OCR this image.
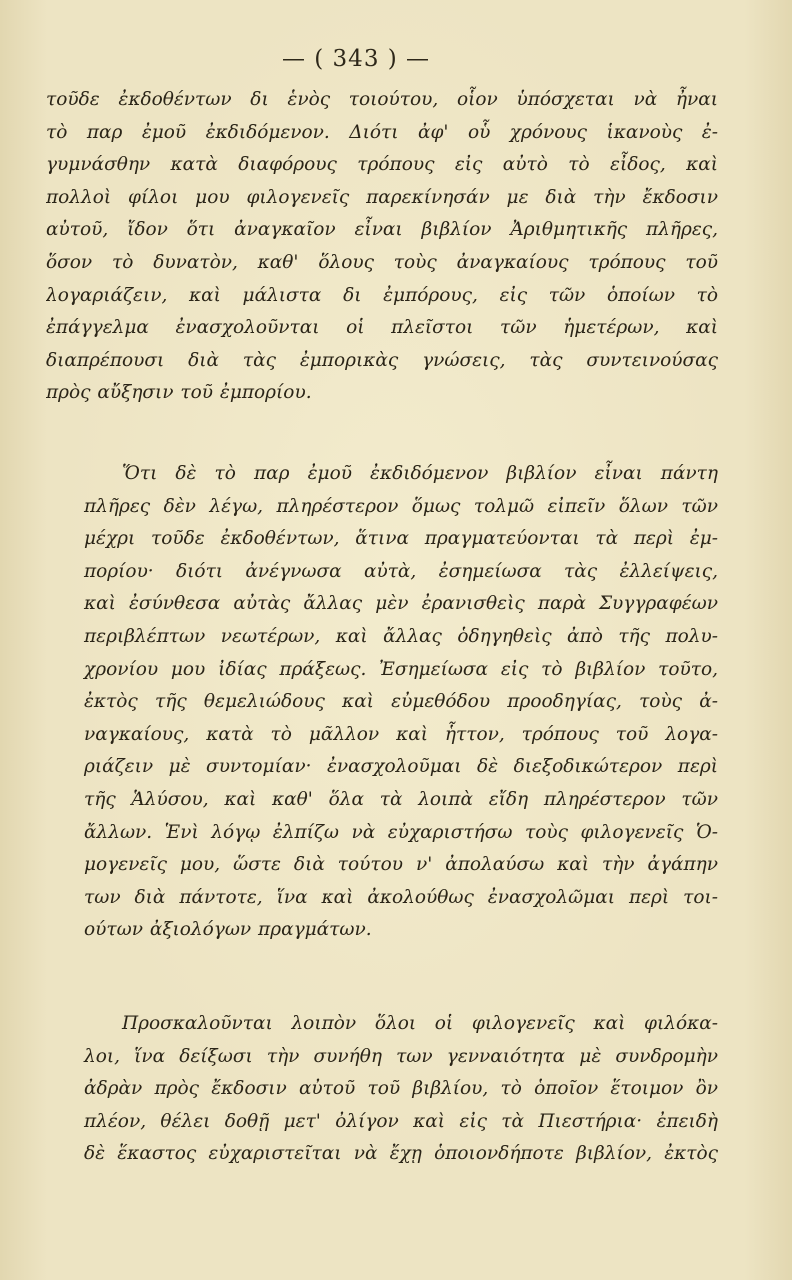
— ( 343 ) —
τοῦδε ἐκδοθέντων δι ἑνὸς τοιούτου, οἷον ὑπόσχεται νὰ ἦναι
τὸ παρ ἐμοῦ ἐκδιδόμενον. Διότι ἀφ' οὗ χρόνους ἱκανοὺς ἐ-
γυμνάσθην κατὰ διαφόρους τρόπους εἰς αὐτὸ τὸ εἶδος, καὶ
πολλοὶ φίλοι μου φιλογενεῖς παρεκίνησάν με διὰ τὴν ἔκδοσιν
αὐτοῦ, ἴδον ὅτι ἀναγκαῖον εἶναι βιβλίον Ἀριθμητικῆς πλῆρες,
ὅσον τὸ δυνατὸν, καθ' ὅλους τοὺς ἀναγκαίους τρόπους τοῦ
λογαριάζειν, καὶ μάλιστα δι ἐμπόρους, εἰς τῶν ὁποίων τὸ
ἐπάγγελμα ἐνασχολοῦνται οἱ πλεῖστοι τῶν ἡμετέρων, καὶ
διαπρέπουσι διὰ τὰς ἐμπορικὰς γνώσεις, τὰς συντεινούσας
πρὸς αὔξησιν τοῦ ἐμπορίου.
Ὅτι δὲ τὸ παρ ἐμοῦ ἐκδιδόμενον βιβλίον εἶναι πάντη
πλῆρες δὲν λέγω, πληρέστερον ὅμως τολμῶ εἰπεῖν ὅλων τῶν
μέχρι τοῦδε ἐκδοθέντων, ἅτινα πραγματεύονται τὰ περὶ ἐμ-
πορίου· διότι ἀνέγνωσα αὐτὰ, ἐσημείωσα τὰς ἐλλείψεις,
καὶ ἐσύνθεσα αὐτὰς ἄλλας μὲν ἐρανισθεὶς παρὰ Συγγραφέων
περιβλέπτων νεωτέρων, καὶ ἄλλας ὁδηγηθεὶς ἀπὸ τῆς πολυ-
χρονίου μου ἰδίας πράξεως. Ἐσημείωσα εἰς τὸ βιβλίον τοῦτο,
ἐκτὸς τῆς θεμελιώδους καὶ εὐμεθόδου προοδηγίας, τοὺς ἀ-
ναγκαίους, κατὰ τὸ μᾶλλον καὶ ἧττον, τρόπους τοῦ λογα-
ριάζειν μὲ συντομίαν· ἐνασχολοῦμαι δὲ διεξοδικώτερον περὶ
τῆς Ἁλύσου, καὶ καθ' ὅλα τὰ λοιπὰ εἴδη πληρέστερον τῶν
ἄλλων. Ἑνὶ λόγῳ ἐλπίζω νὰ εὐχαριστήσω τοὺς φιλογενεῖς Ὁ-
μογενεῖς μου, ὥστε διὰ τούτου ν' ἀπολαύσω καὶ τὴν ἀγάπην
των διὰ πάντοτε, ἵνα καὶ ἀκολούθως ἐνασχολῶμαι περὶ τοι-
ούτων ἀξιολόγων πραγμάτων.
Προσκαλοῦνται λοιπὸν ὅλοι οἱ φιλογενεῖς καὶ φιλόκα-
λοι, ἵνα δείξωσι τὴν συνήθη των γενναιότητα μὲ συνδρομὴν
ἀδρὰν πρὸς ἔκδοσιν αὐτοῦ τοῦ βιβλίου, τὸ ὁποῖον ἕτοιμον ὂν
πλέον, θέλει δοθῇ μετ' ὀλίγον καὶ εἰς τὰ Πιεστήρια· ἐπειδὴ
δὲ ἕκαστος εὐχαριστεῖται νὰ ἔχῃ ὁποιονδήποτε βιβλίον, ἐκτὸς
